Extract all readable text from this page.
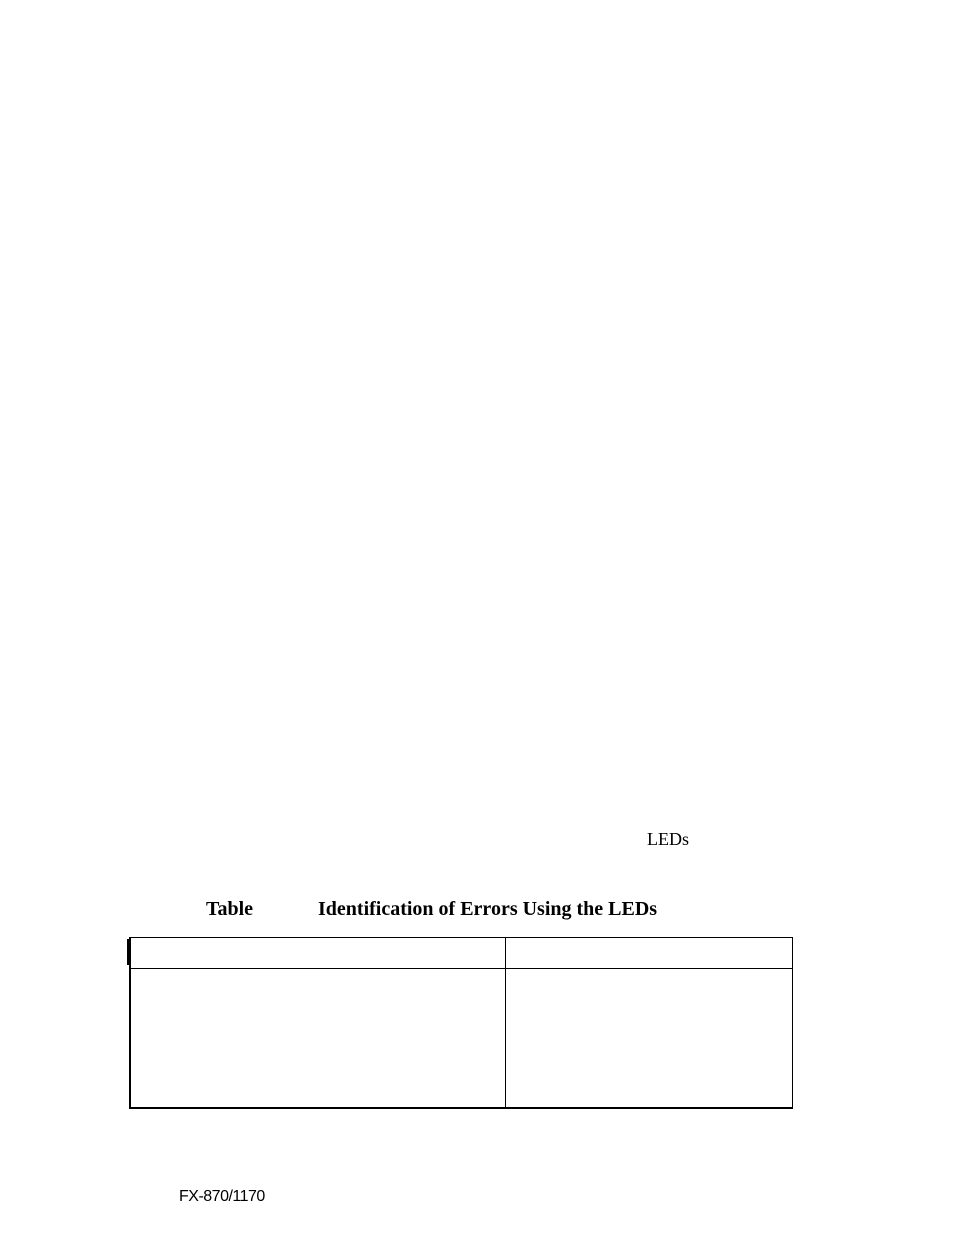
LEDs
Table	Identification of Errors Using the LEDs

FX-870/1170
